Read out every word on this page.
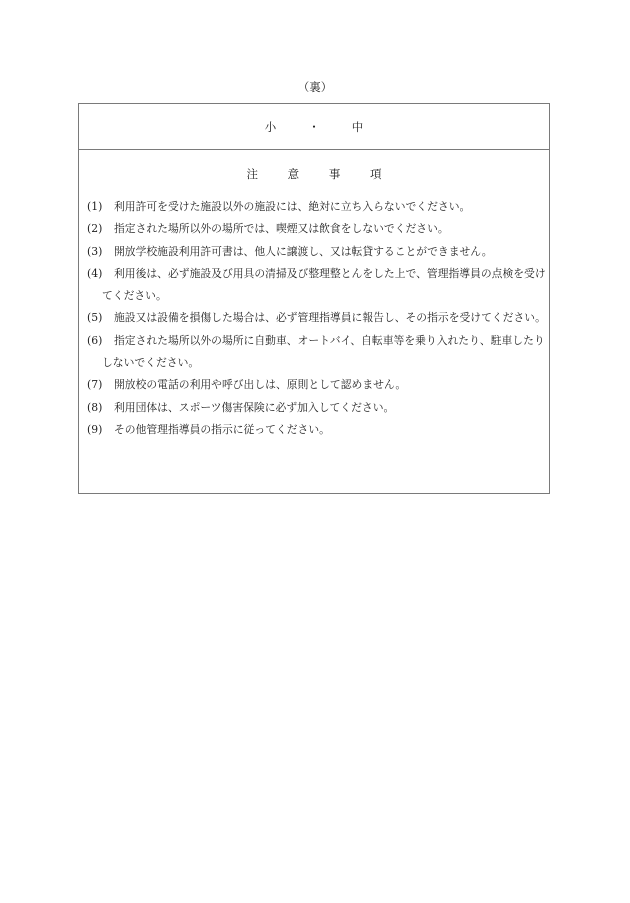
（裏）
小	・	中
注	意	事	項
(1)	利用許可を受けた施設以外の施設には、絶対に立ち入らないでください。
(2)	指定された場所以外の場所では、喫煙又は飲食をしないでください。
(3)	開放学校施設利用許可書は、他人に譲渡し、又は転貸することができません。
(4)	利用後は、必ず施設及び用具の清掃及び整理整とんをした上で、管理指導員の点検を受けてください。
(5)	施設又は設備を損傷した場合は、必ず管理指導員に報告し、その指示を受けてください。
(6)	指定された場所以外の場所に自動車、オートバイ、自転車等を乗り入れたり、駐車したりしないでください。
(7)	開放校の電話の利用や呼び出しは、原則として認めません。
(8)	利用団体は、スポーツ傷害保険に必ず加入してください。
(9)	その他管理指導員の指示に従ってください。
